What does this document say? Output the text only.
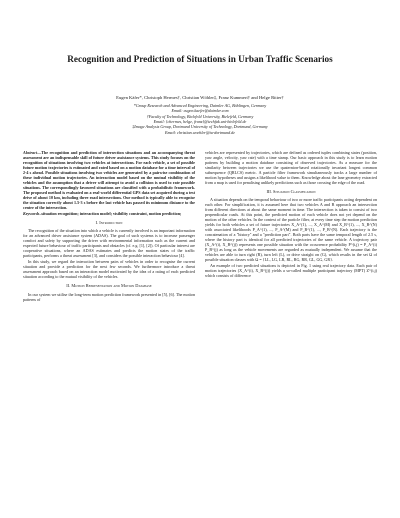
Recognition and Prediction of Situations in Urban Traffic Scenarios
Eugen Käfer*, Christoph Hermes†, Christian Wöhler‡, Franz Kummert† and Helge Ritter†
*Group Research and Advanced Engineering, Daimler AG, Böblingen, Germany
Email: eugen.kaefer@daimler.com
†Faculty of Technology, Bielefeld University, Bielefeld, Germany
Email: {chermes, helge, franz}@techfak.uni-bielefeld.de
‡Image Analysis Group, Dortmund University of Technology, Dortmund, Germany
Email: christian.woehler@tu-dortmund.de

Abstract—The recognition and prediction of intersection situations and an accompanying threat assessment are an indispensable skill of future driver assistance systems. This study focuses on the recognition of situations involving two vehicles at intersections. For each vehicle, a set of possible future motion trajectories is estimated and rated based on a motion database for a time interval of 2-4 s ahead. Possible situations involving two vehicles are generated by a pairwise combination of these individual motion trajectories. An interaction model based on the mutual visibility of the vehicles and the assumption that a driver will attempt to avoid a collision is used to rate possible situations. The correspondingly favoured situations are classified with a probabilistic framework. The proposed method is evaluated on a real-world differential GPS data set acquired during a test drive of about 10 km, including three road intersections. Our method is typically able to recognise the situation correctly about 1.5-3 s before the last vehicle has passed its minimum distance to the centre of the intersection.

Keywords–situation recognition; interaction model; visibility constraint, motion prediction;

I. Introduction

The recognition of the situation into which a vehicle is currently involved is an important information for an advanced driver assistance system (ADAS). The goal of such systems is to increase passenger comfort and safety by supporting the driver with environmental information such as the current and expected future behaviour of traffic participants and obstacles (cf. e.g. [1], [2]). Of particular interest are cooperative situations, where an ADAS estimates and predicts the motion states of the traffic participants, performs a threat assessment [3], and considers the possible interaction behaviour [4].

In this study, we regard the interaction between pairs of vehicles in order to recognise the current situation and provide a prediction for the next few seconds. We furthermore introduce a threat assessment approach based on an interaction model motivated by the idea of a rating of each predicted situation according to the mutual visibility of the vehicles.

II. Motion Representation and Motion Database

In our system we utilise the long-term motion prediction framework presented in [5], [6]. The motion patterns of

vehicles are represented by trajectories, which are defined as ordered tuples combining states (position, yaw angle, velocity, yaw rate) with a time stamp. Our basic approach in this study is to learn motion patterns by building a motion database consisting of observed trajectories. As a measure for the similarity between trajectories we use the quaternion-based rotationally invariant longest common subsequence (QRLCS) metric. A particle filter framework simultaneously tracks a large number of motion hypotheses and assigns a likelihood value to them. Knowledge about the lane geometry extracted from a map is used for penalising unlikely predictions such as those crossing the edge of the road.

III. Situation Classification

A situation depends on the temporal behaviour of two or more traffic participants acting dependent on each other. For simplification, it is assumed here that two vehicles A and B approach an intersection from different directions at about the same moment in time. The intersection is taken to consist of two perpendicular roads. At this point, the predicted motion of each vehicle does not yet depend on the motion of the other vehicles. In the context of the particle filter, at every time step the motion prediction yields for both vehicles a set of future trajectories X_A^(1), ..., X_A^(M) and X_B^(1), ..., X_B^(N) with associated likelihoods P_A^(1), ..., P_A^(M) and P_B^(1), ..., P_B^(N). Each trajectory is the concatenation of a "history" and a "prediction part". Both parts have the same temporal length of 2.5 s, where the history part is identical for all predicted trajectories of the same vehicle. A trajectory pair (X_A^(i), X_B^(j)) represents one possible situation with the occurrence probability P^(i,j) = P_A^(i) P_B^(j) as long as the vehicle movements are regarded as mutually independent. We assume that the vehicles are able to turn right (R), turn left (L), or drive straight on (G), which results in the set Ω of possible situation classes with Ω = {LL, LG, LR, RL, RG, RR, GL, GG, GR}.

An example of two predicted situations is depicted in Fig. 1 using real trajectory data. Each pair of motion trajectories (X_A^(i), X_B^(j)) yields a so-called multiple participant trajectory (MPT) Z^(i,j) which consists of difference
